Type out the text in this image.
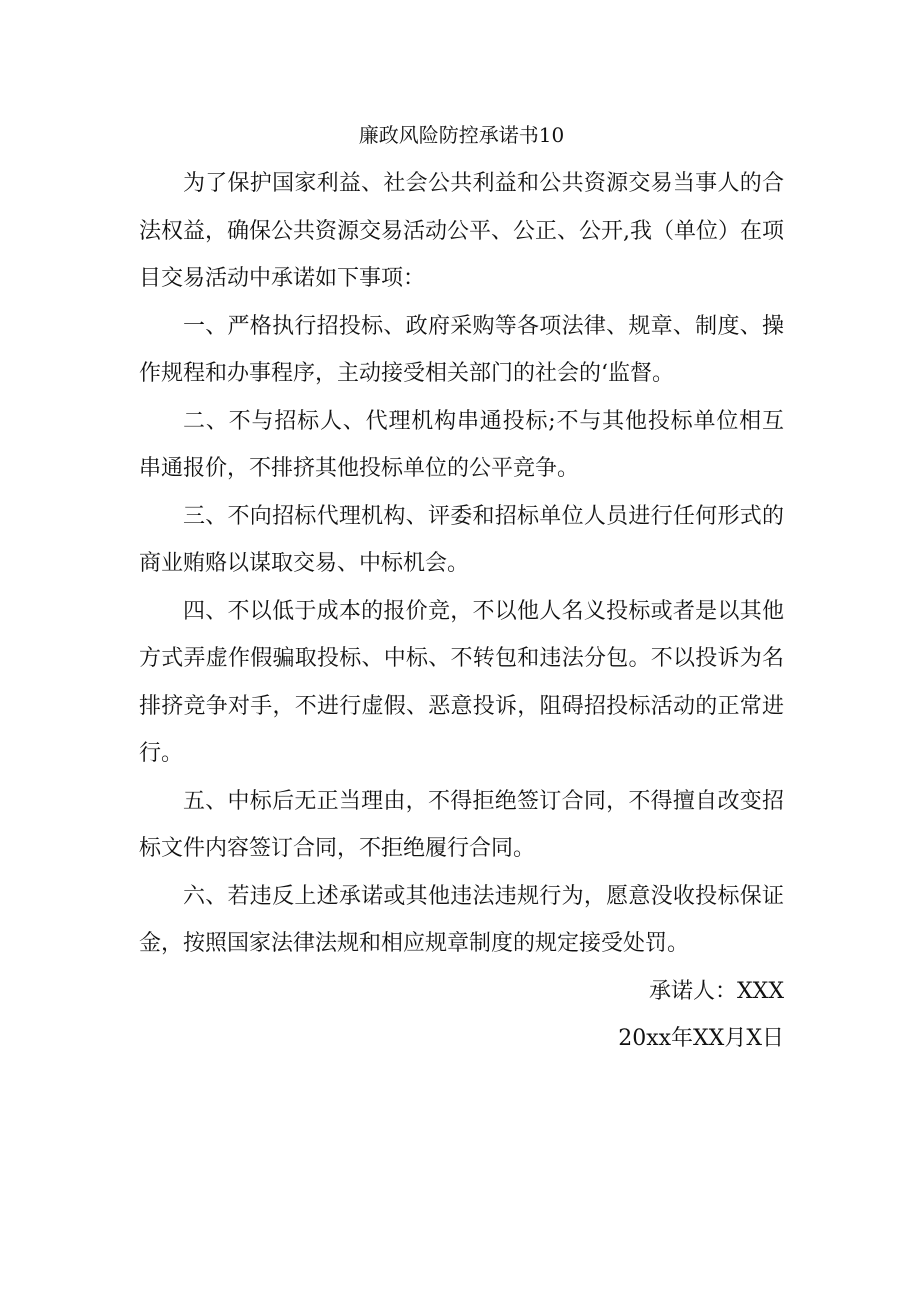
廉政风险防控承诺书10

为了保护国家利益、社会公共利益和公共资源交易当事人的合法权益，确保公共资源交易活动公平、公正、公开,我（单位）在项目交易活动中承诺如下事项：

一、严格执行招投标、政府采购等各项法律、规章、制度、操作规程和办事程序，主动接受相关部门的社会的‘监督。

二、不与招标人、代理机构串通投标;不与其他投标单位相互串通报价，不排挤其他投标单位的公平竞争。

三、不向招标代理机构、评委和招标单位人员进行任何形式的商业贿赂以谋取交易、中标机会。

四、不以低于成本的报价竞，不以他人名义投标或者是以其他方式弄虚作假骗取投标、中标、不转包和违法分包。不以投诉为名排挤竞争对手，不进行虚假、恶意投诉，阻碍招投标活动的正常进行。

五、中标后无正当理由，不得拒绝签订合同，不得擅自改变招标文件内容签订合同，不拒绝履行合同。

六、若违反上述承诺或其他违法违规行为，愿意没收投标保证金，按照国家法律法规和相应规章制度的规定接受处罚。

承诺人：XXX

20xx年XX月X日
